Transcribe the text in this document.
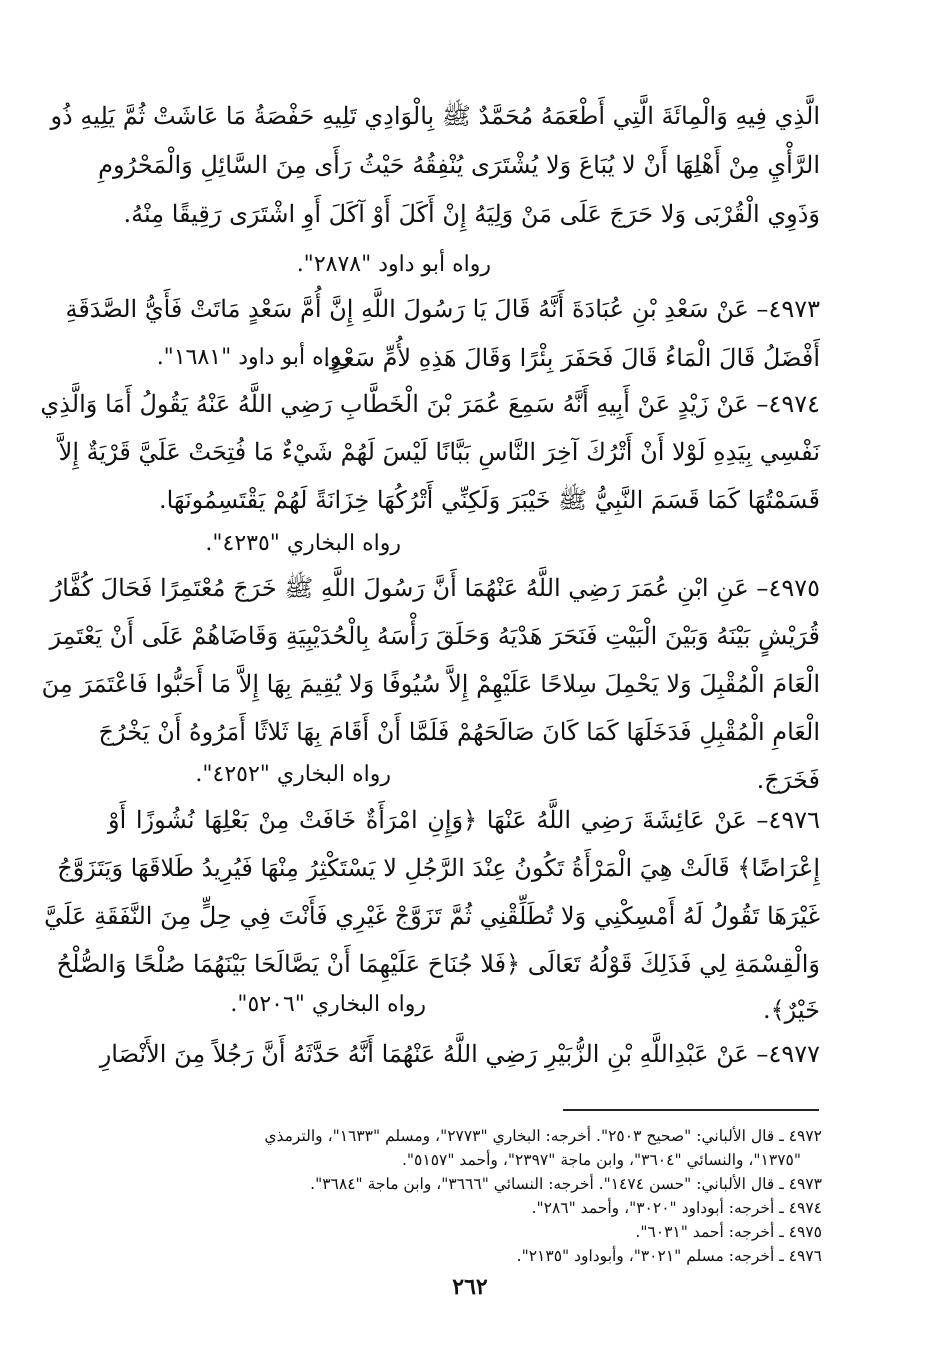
الَّذِي فِيهِ وَالْمِائَةَ الَّتِي أَطْعَمَهُ مُحَمَّدٌ ﷺ بِالْوَادِي تَلِيهِ حَفْصَةُ مَا عَاشَتْ ثُمَّ يَلِيهِ ذُو
الرَّأْيِ مِنْ أَهْلِهَا أَنْ لا يُبَاعَ وَلا يُشْتَرَى يُنْفِقُهُ حَيْثُ رَأَى مِنَ السَّائِلِ وَالْمَحْرُومِ
وَذَوِي الْقُرْبَى وَلا حَرَجَ عَلَى مَنْ وَلِيَهُ إِنْ أَكَلَ أَوْ آكَلَ أَوِ اشْتَرَى رَقِيقًا مِنْهُ.
رواه أبو داود "٢٨٧٨".
٤٩٧٣– عَنْ سَعْدِ بْنِ عُبَادَةَ أَنَّهُ قَالَ يَا رَسُولَ اللَّهِ إِنَّ أُمَّ سَعْدٍ مَاتَتْ فَأَيُّ الصَّدَقَةِ
أَفْضَلُ قَالَ الْمَاءُ قَالَ فَحَفَرَ بِئْرًا وَقَالَ هَذِهِ لأُمِّ سَعْدٍ.
رواه أبو داود "١٦٨١".
٤٩٧٤– عَنْ زَيْدٍ عَنْ أَبِيهِ أَنَّهُ سَمِعَ عُمَرَ بْنَ الْخَطَّابِ رَضِي اللَّهُ عَنْهُ يَقُولُ أَمَا وَالَّذِي
نَفْسِي بِيَدِهِ لَوْلا أَنْ أَتْرُكَ آخِرَ النَّاسِ بَبَّانًا لَيْسَ لَهُمْ شَيْءٌ مَا فُتِحَتْ عَلَيَّ قَرْيَةٌ إِلاَّ
قَسَمْتُهَا كَمَا قَسَمَ النَّبِيُّ ﷺ خَيْبَرَ وَلَكِنِّي أَتْرُكُهَا خِزَانَةً لَهُمْ يَقْتَسِمُونَهَا.
رواه البخاري "٤٢٣٥".
٤٩٧٥– عَنِ ابْنِ عُمَرَ رَضِي اللَّهُ عَنْهُمَا أَنَّ رَسُولَ اللَّهِ ﷺ خَرَجَ مُعْتَمِرًا فَحَالَ كُفَّارُ
قُرَيْشٍ بَيْنَهُ وَبَيْنَ الْبَيْتِ فَنَحَرَ هَدْيَهُ وَحَلَقَ رَأْسَهُ بِالْحُدَيْبِيَةِ وَقَاضَاهُمْ عَلَى أَنْ يَعْتَمِرَ
الْعَامَ الْمُقْبِلَ وَلا يَحْمِلَ سِلاحًا عَلَيْهِمْ إِلاَّ سُيُوفًا وَلا يُقِيمَ بِهَا إِلاَّ مَا أَحَبُّوا فَاعْتَمَرَ مِنَ
الْعَامِ الْمُقْبِلِ فَدَخَلَهَا كَمَا كَانَ صَالَحَهُمْ فَلَمَّا أَنْ أَقَامَ بِهَا ثَلاثًا أَمَرُوهُ أَنْ يَخْرُجَ
فَخَرَجَ.
رواه البخاري "٤٢٥٢".
٤٩٧٦– عَنْ عَائِشَةَ رَضِي اللَّهُ عَنْهَا ﴿وَإِنِ امْرَأَةٌ خَافَتْ مِنْ بَعْلِهَا نُشُوزًا أَوْ
إِعْرَاضًا﴾ قَالَتْ هِيَ الْمَرْأَةُ تَكُونُ عِنْدَ الرَّجُلِ لا يَسْتَكْثِرُ مِنْهَا فَيُرِيدُ طَلاقَهَا وَيَتَزَوَّجُ
غَيْرَهَا تَقُولُ لَهُ أَمْسِكْنِي وَلا تُطَلِّقْنِي ثُمَّ تَزَوَّجْ غَيْرِي فَأَنْتَ فِي حِلٍّ مِنَ النَّفَقَةِ عَلَيَّ
وَالْقِسْمَةِ لِي فَذَلِكَ قَوْلُهُ تَعَالَى ﴿فَلا جُنَاحَ عَلَيْهِمَا أَنْ يَصَّالَحَا بَيْنَهُمَا صُلْحًا وَالصُّلْحُ
خَيْرٌ﴾.
رواه البخاري "٥٢٠٦".
٤٩٧٧– عَنْ عَبْدِاللَّهِ بْنِ الزُّبَيْرِ رَضِي اللَّهُ عَنْهُمَا أَنَّهُ حَدَّثَهُ أَنَّ رَجُلاً مِنَ الأَنْصَارِ
٤٩٧٢ ـ قال الألباني: "صحيح ٢٥٠٣". أخرجه: البخاري "٢٧٧٣"، ومسلم "١٦٣٣"، والترمذي
"١٣٧٥"، والنسائي "٣٦٠٤"، وابن ماجة "٢٣٩٧"، وأحمد "٥١٥٧".
٤٩٧٣ ـ قال الألباني: "حسن ١٤٧٤". أخرجه: النسائي "٣٦٦٦"، وابن ماجة "٣٦٨٤".
٤٩٧٤ ـ أخرجه: أبوداود "٣٠٢٠"، وأحمد "٢٨٦".
٤٩٧٥ ـ أخرجه: أحمد "٦٠٣١".
٤٩٧٦ ـ أخرجه: مسلم "٣٠٢١"، وأبوداود "٢١٣٥".
٢٦٢
